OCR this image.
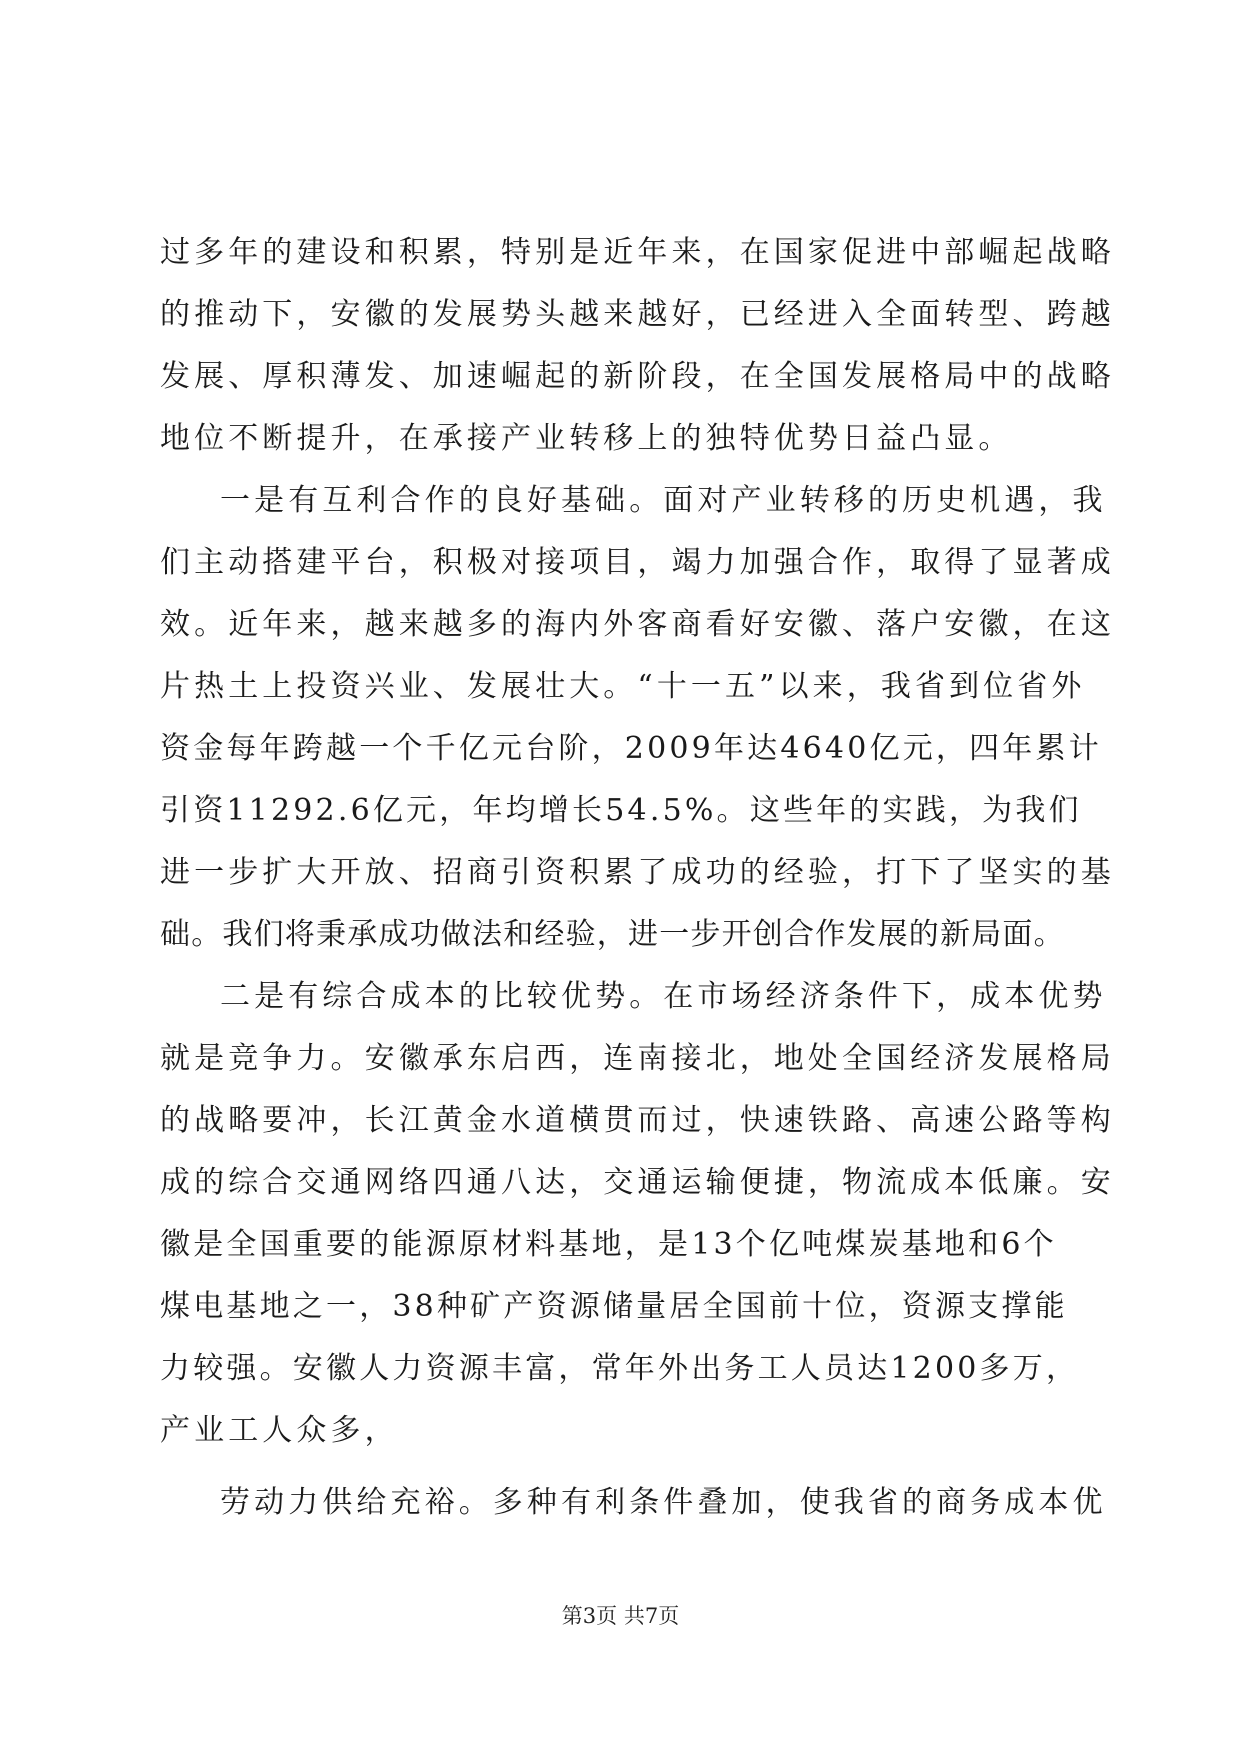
过多年的建设和积累，特别是近年来，在国家促进中部崛起战略
的推动下，安徽的发展势头越来越好，已经进入全面转型、跨越
发展、厚积薄发、加速崛起的新阶段，在全国发展格局中的战略
地位不断提升，在承接产业转移上的独特优势日益凸显。
一是有互利合作的良好基础。面对产业转移的历史机遇，我
们主动搭建平台，积极对接项目，竭力加强合作，取得了显著成
效。近年来，越来越多的海内外客商看好安徽、落户安徽，在这
片热土上投资兴业、发展壮大。“十一五”以来，我省到位省外
资金每年跨越一个千亿元台阶，2009年达4640亿元，四年累计
引资11292.6亿元，年均增长54.5%。这些年的实践，为我们
进一步扩大开放、招商引资积累了成功的经验，打下了坚实的基
础。我们将秉承成功做法和经验，进一步开创合作发展的新局面。
二是有综合成本的比较优势。在市场经济条件下，成本优势
就是竞争力。安徽承东启西，连南接北，地处全国经济发展格局
的战略要冲，长江黄金水道横贯而过，快速铁路、高速公路等构
成的综合交通网络四通八达，交通运输便捷，物流成本低廉。安
徽是全国重要的能源原材料基地，是13个亿吨煤炭基地和6个
煤电基地之一，38种矿产资源储量居全国前十位，资源支撑能
力较强。安徽人力资源丰富，常年外出务工人员达1200多万，
产业工人众多，
劳动力供给充裕。多种有利条件叠加，使我省的商务成本优
第3页 共7页
